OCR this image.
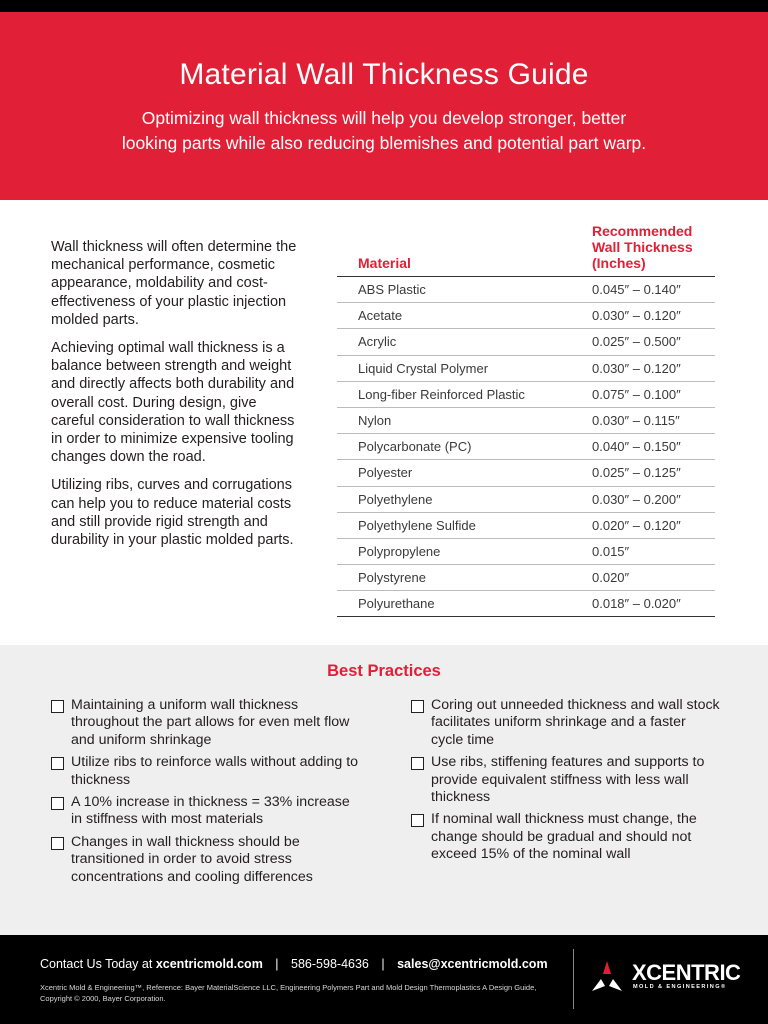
Material Wall Thickness Guide
Optimizing wall thickness will help you develop stronger, better
looking parts while also reducing blemishes and potential part warp.

Wall thickness will often determine the mechanical performance, cosmetic appearance, moldability and cost-effectiveness of your plastic injection molded parts.

Achieving optimal wall thickness is a balance between strength and weight and directly affects both durability and overall cost. During design, give careful consideration to wall thickness in order to minimize expensive tooling changes down the road.

Utilizing ribs, curves and corrugations can help you to reduce material costs and still provide rigid strength and durability in your plastic molded parts.

Material	Recommended
Wall Thickness
(Inches)
ABS Plastic	0.045″ – 0.140″
Acetate	0.030″ – 0.120″
Acrylic	0.025″ – 0.500″
Liquid Crystal Polymer	0.030″ – 0.120″
Long-fiber Reinforced Plastic	0.075″ – 0.100″
Nylon	0.030″ – 0.115″
Polycarbonate (PC)	0.040″ – 0.150″
Polyester	0.025″ – 0.125″
Polyethylene	0.030″ – 0.200″
Polyethylene Sulfide	0.020″ – 0.120″
Polypropylene	0.015″
Polystyrene	0.020″
Polyurethane	0.018″ – 0.020″
Best Practices
Maintaining a uniform wall thickness throughout the part allows for even melt flow and uniform shrinkage
Utilize ribs to reinforce walls without adding to thickness
A 10% increase in thickness = 33% increase in stiffness with most materials
Changes in wall thickness should be transitioned in order to avoid stress concentrations and cooling differences
Coring out unneeded thickness and wall stock facilitates uniform shrinkage and a faster cycle time
Use ribs, stiffening features and supports to provide equivalent stiffness with less wall thickness
If nominal wall thickness must change, the change should be gradual and should not exceed 15% of the nominal wall
Contact Us Today at xcentricmold.com | 586-598-4636 | sales@xcentricmold.com
Xcentric Mold & Engineering™, Reference: Bayer MaterialScience LLC, Engineering Polymers Part and Mold Design Thermoplastics A Design Guide, Copyright © 2000, Bayer Corporation.
XCENTRIC
MOLD & ENGINEERING®
